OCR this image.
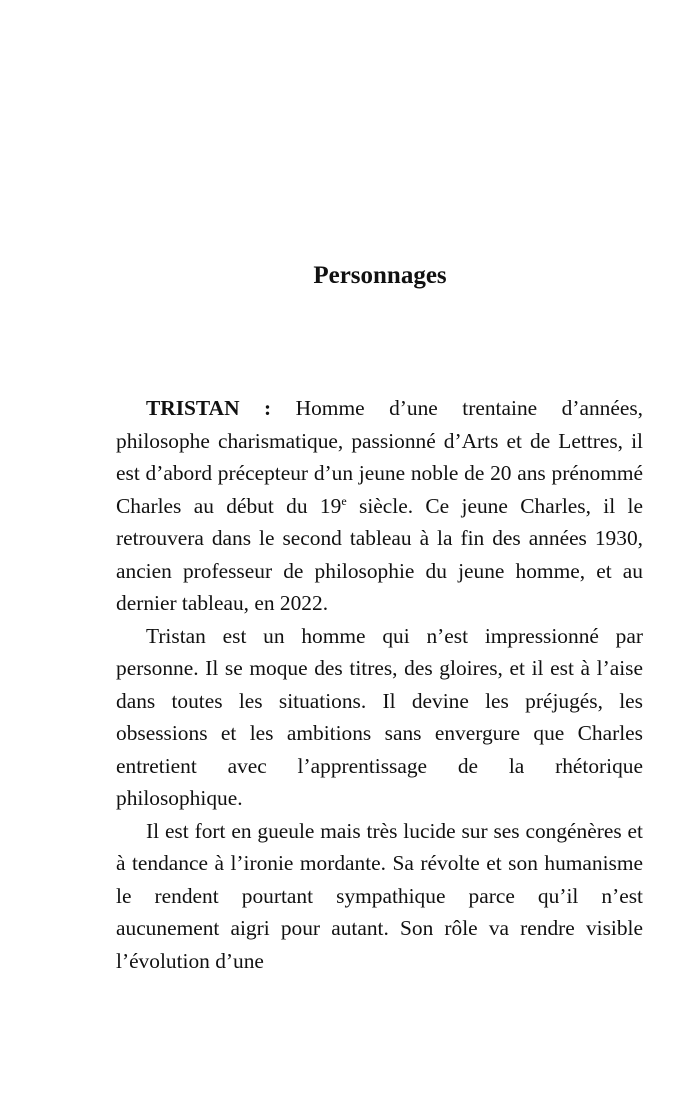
Personnages

TRISTAN : Homme d’une trentaine d’années, philosophe charismatique, passionné d’Arts et de Lettres, il est d’abord précepteur d’un jeune noble de 20 ans prénommé Charles au début du 19e siècle. Ce jeune Charles, il le retrouvera dans le second tableau à la fin des années 1930, ancien professeur de philosophie du jeune homme, et au dernier tableau, en 2022.

Tristan est un homme qui n’est impressionné par personne. Il se moque des titres, des gloires, et il est à l’aise dans toutes les situations. Il devine les préjugés, les obsessions et les ambitions sans envergure que Charles entretient avec l’apprentissage de la rhétorique philosophique.

Il est fort en gueule mais très lucide sur ses congénères et à tendance à l’ironie mordante. Sa révolte et son humanisme le rendent pourtant sympathique parce qu’il n’est aucunement aigri pour autant. Son rôle va rendre visible l’évolution d’une
